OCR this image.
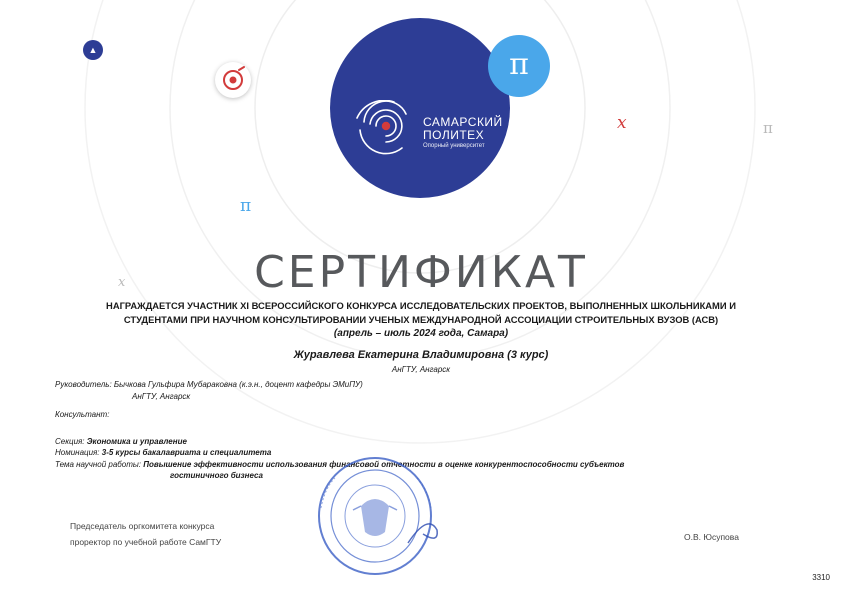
САМАРСКИЙ
ПОЛИТЕХ
Опорный университет
π
▲
x	π
π
x	СЕРТИФИКАТ
НАГРАЖДАЕТСЯ УЧАСТНИК XI ВСЕРОССИЙСКОГО КОНКУРСА ИССЛЕДОВАТЕЛЬСКИХ ПРОЕКТОВ, ВЫПОЛНЕННЫХ ШКОЛЬНИКАМИ И
СТУДЕНТАМИ ПРИ НАУЧНОМ КОНСУЛЬТИРОВАНИИ УЧЕНЫХ МЕЖДУНАРОДНОЙ АССОЦИАЦИИ СТРОИТЕЛЬНЫХ ВУЗОВ (АСВ)
(апрель – июль 2024 года, Самара)
Журавлева Екатерина Владимировна (3 курс)
АнГТУ, Ангарск
Руководитель: Бычкова Гульфира Мубараковна (к.э.н., доцент кафедры ЭМиПУ)
АнГТУ, Ангарск
Консультант:
Секция: Экономика и управление
Номинация: 3-5 курсы бакалавриата и специалитета
Тема научной работы: Повышение эффективности использования финансовой отчетности в оценке конкурентоспособности субъектов
гостиничного бизнеса
Председатель оргкомитета конкурса
проректор по учебной работе СамГТУ	О.В. Юсупова
3310
